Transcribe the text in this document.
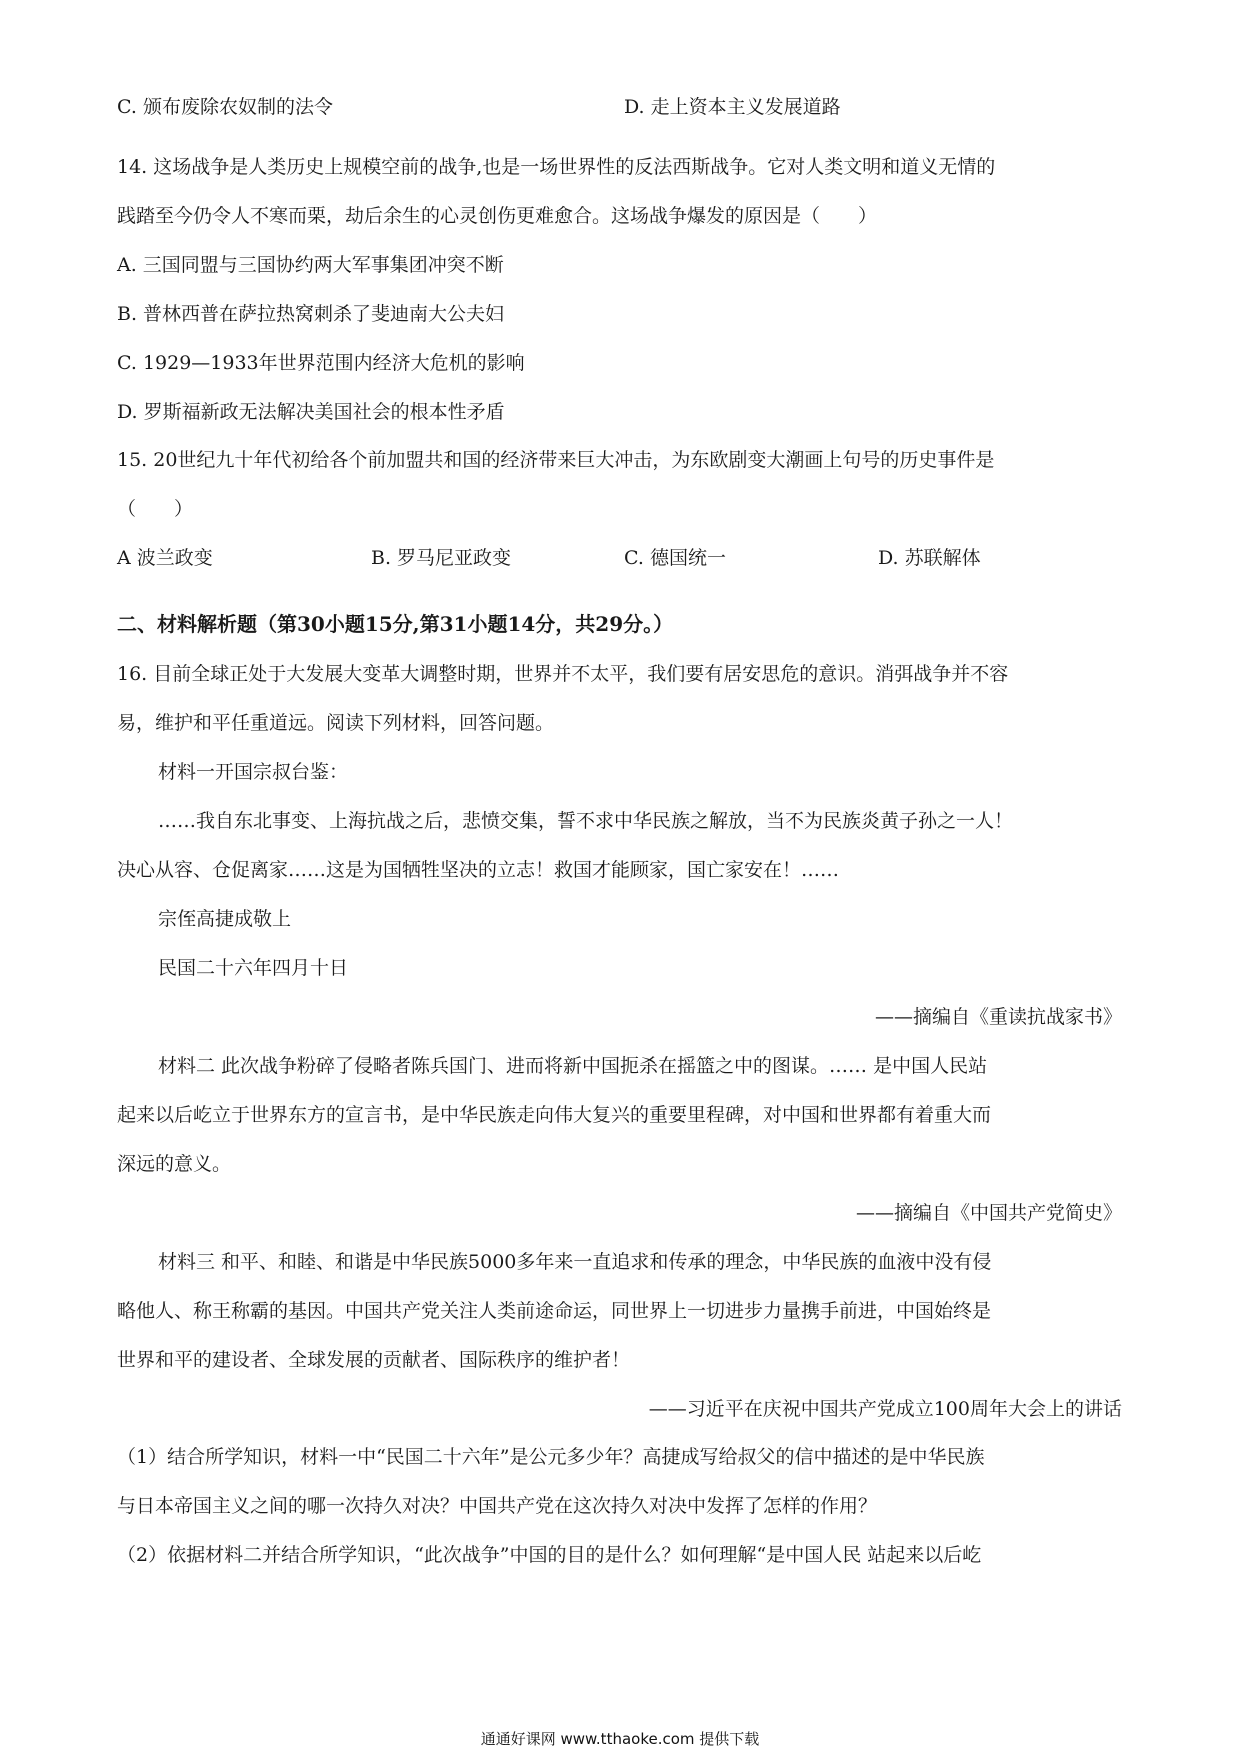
C. 颁布废除农奴制的法令	D. 走上资本主义发展道路
14. 这场战争是人类历史上规模空前的战争,也是一场世界性的反法西斯战争。它对人类文明和道义无情的
践踏至今仍令人不寒而栗，劫后余生的心灵创伤更难愈合。这场战争爆发的原因是（　　）
A. 三国同盟与三国协约两大军事集团冲突不断
B. 普林西普在萨拉热窝刺杀了斐迪南大公夫妇
C. 1929—1933年世界范围内经济大危机的影响
D. 罗斯福新政无法解决美国社会的根本性矛盾
15. 20世纪九十年代初给各个前加盟共和国的经济带来巨大冲击，为东欧剧变大潮画上句号的历史事件是
（　　）
A 波兰政变	B. 罗马尼亚政变	C. 德国统一	D. 苏联解体
二、材料解析题（第30小题15分,第31小题14分，共29分。）
16. 目前全球正处于大发展大变革大调整时期，世界并不太平，我们要有居安思危的意识。消弭战争并不容
易，维护和平任重道远。阅读下列材料，回答问题。
材料一开国宗叔台鉴：
……我自东北事变、上海抗战之后，悲愤交集，誓不求中华民族之解放，当不为民族炎黄子孙之一人！
决心从容、仓促离家……这是为国牺牲坚决的立志！救国才能顾家，国亡家安在！……
宗侄高捷成敬上
民国二十六年四月十日
——摘编自《重读抗战家书》
材料二 此次战争粉碎了侵略者陈兵国门、进而将新中国扼杀在摇篮之中的图谋。…… 是中国人民站
起来以后屹立于世界东方的宣言书，是中华民族走向伟大复兴的重要里程碑，对中国和世界都有着重大而
深远的意义。
——摘编自《中国共产党简史》
材料三 和平、和睦、和谐是中华民族5000多年来一直追求和传承的理念，中华民族的血液中没有侵
略他人、称王称霸的基因。中国共产党关注人类前途命运，同世界上一切进步力量携手前进，中国始终是
世界和平的建设者、全球发展的贡献者、国际秩序的维护者！
——习近平在庆祝中国共产党成立100周年大会上的讲话
（1）结合所学知识，材料一中“民国二十六年”是公元多少年？高捷成写给叔父的信中描述的是中华民族
与日本帝国主义之间的哪一次持久对决？中国共产党在这次持久对决中发挥了怎样的作用？
（2）依据材料二并结合所学知识，“此次战争”中国的目的是什么？如何理解“是中国人民 站起来以后屹
通通好课网 www.tthaoke.com 提供下载
